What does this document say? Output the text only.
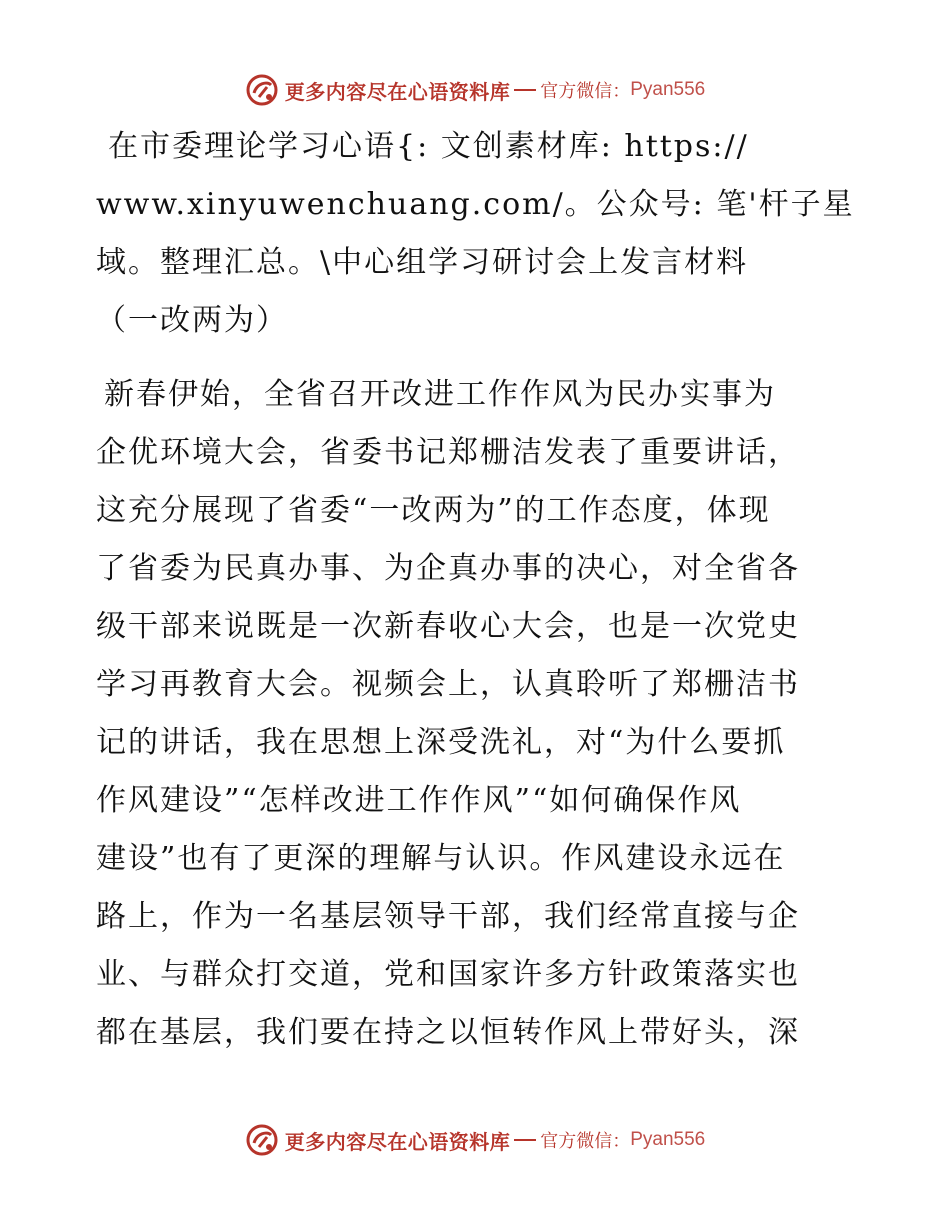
更多内容尽在心语资料库 官方微信： Pyan556
在市委理论学习心语{: 文创素材库: https://
www.xinyuwenchuang.com/。公众号: 笔'杆子星
域。整理汇总。\中心组学习研讨会上发言材料
（一改两为）
新春伊始，全省召开改进工作作风为民办实事为
企优环境大会，省委书记郑栅洁发表了重要讲话，
这充分展现了省委“一改两为”的工作态度，体现
了省委为民真办事、为企真办事的决心，对全省各
级干部来说既是一次新春收心大会，也是一次党史
学习再教育大会。视频会上，认真聆听了郑栅洁书
记的讲话，我在思想上深受洗礼，对“为什么要抓
作风建设”“怎样改进工作作风”“如何确保作风
建设”也有了更深的理解与认识。作风建设永远在
路上，作为一名基层领导干部，我们经常直接与企
业、与群众打交道，党和国家许多方针政策落实也
都在基层，我们要在持之以恒转作风上带好头，深
更多内容尽在心语资料库 官方微信： Pyan556
